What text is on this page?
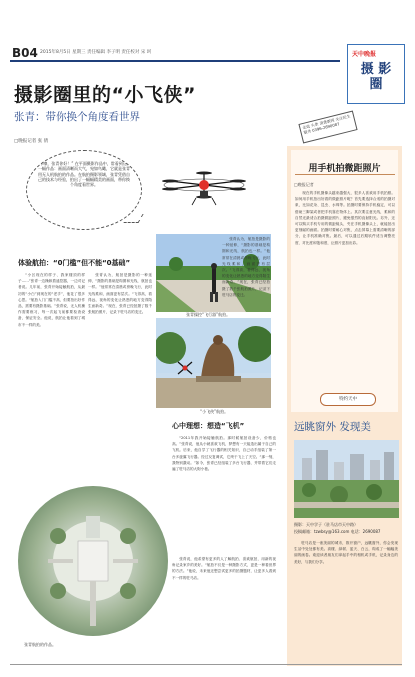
B04 2015年8月5日 星期三 责任编辑 李子明 责任校对 宋 珂	天中晚报
摄 影
圈
摄影圈里的“小飞侠”
张青：带你换个角度看世界
□晚报记者 张 倩
走进 头条 消费新闻 关注民生 服务 0396-2690087
“咔嚓，张青你好！” 在平面摄影作品中，常看到这样一幅作品：画面清晰而大气，宛如鸟瞰，它就是张青用无人机航拍的作品。在航拍摄影领域，张青凭借自己的技术与经验，拍出了一幅幅精美的画面，带你换个角度看世界。
张青操控“飞行器”航拍。
“小飞侠”航拍。
体验航拍：“0门槛”但不能“0基础”

“小区现在的样子、我家楼顶的样子……”张青一边操纵着遥控器，一边对记者说。几年前，张青开始接触航拍，从最初的“小白”到现在的“老手”，他花了很多心思。“航拍入门门槛不高，但要拍出好作品，需要有摄影基础。”张青说，无人机操作需要练习，每一次起飞前都要检查设备，保证安全。他说，航拍让他看到了城市不一样的美。

张青认为，航拍是摄影的一种延伸，“摄影的基础是构图和光线，航拍也一样。”他常常在清晨或傍晚飞行，此时光线柔和，画面更有层次。“飞得高，看得远，视角的变化让熟悉的地方变得陌生而新奇。”现在，张青已经拍摄了数千张航拍照片，记录下驻马店的变迁。

张青认为，航拍是摄影的一种延伸，“摄影的基础是构图和光线，航拍也一样。”他常常在清晨或傍晚飞行，此时光线柔和，画面更有层次。“飞得高，看得远，视角的变化让熟悉的地方变得陌生而新奇。”现在，张青已经拍摄了数千张航拍照片，记录下驻马店的变迁。

心中理想：想造“飞机”

“2011年我开始接触航拍。那时候航拍设备少，价格也高。”张青说，他从小就喜欢飞机，梦想有一天能造出属于自己的飞机。后来，他自学了飞行器的相关知识，自己动手组装了第一台多旋翼飞行器。经过反复调试，它终于飞上了天空。“那一刻，我特别激动。”如今，张青已经组装了多台飞行器，并带着它们走遍了驻马店的大街小巷。

张青说，他希望有更多的人了解航拍、喜欢航拍，用新的视角记录家乡的美好。“航拍不仅是一种摄影方式，更是一种看世界的方法。”他说，未来他还想尝试更多的拍摄题材，让更多人看到不一样的驻马店。

张青航拍的作品。
用手机拍微距照片
□晚报记者

现在的手机摄像头越来越强大，很多人喜欢用手机拍照。如何用手机拍出好看的微距照片呢？首先要选择合适的拍摄对象，比如花朵、昆虫、水珠等。拍摄时要保持手机稳定，可以借助三脚架或者把手机靠在物体上。其次要注意光线，柔和的自然光最适合拍摄微距照片，避免强烈的直射阳光。另外，还可以购买手机专用的微距镜头，夹在手机摄像头上，就能拍出更细腻的画面。拍摄时要耐心对焦，点击屏幕上需要清晰的部分，让手机准确对焦。最后，可以通过后期软件适当调整亮度、对比度和饱和度，让照片更加出彩。

特约天中
远眺窗外 发现美
摄影：天中学子（驻马店市天中路）
投稿邮箱：tzwbsy@163.com 电话：2690087

驻马店是一座美丽的城市，推开窗户，远眺窗外，你会发现生活中处处都有美。高楼、绿树、蓝天、白云，构成了一幅幅美丽的画卷。欢迎读者朋友们拿起手中的相机或手机，记录身边的美好，与我们分享。
